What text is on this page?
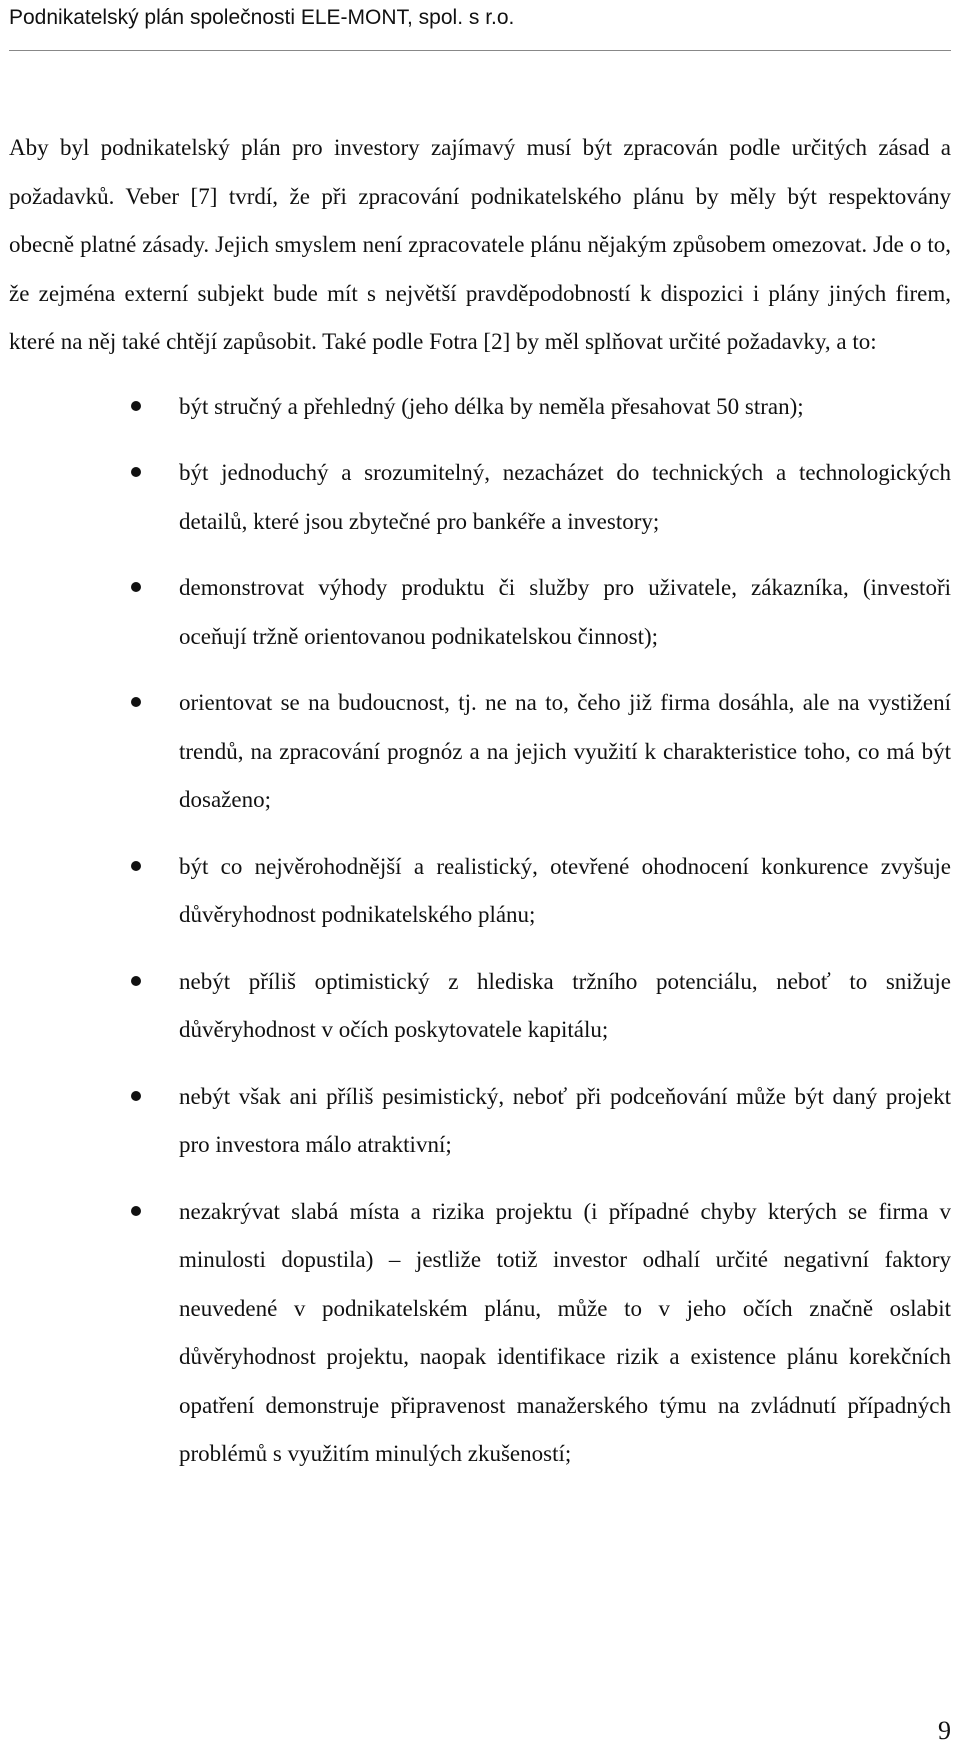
Podnikatelský plán společnosti ELE-MONT, spol. s r.o.

Aby byl podnikatelský plán pro investory zajímavý musí být zpracován podle určitých zásad a požadavků. Veber [7] tvrdí, že při zpracování podnikatelského plánu by měly být respektovány obecně platné zásady. Jejich smyslem není zpracovatele plánu nějakým způsobem omezovat. Jde o to, že zejména externí subjekt bude mít s největší pravděpodobností k dispozici i plány jiných firem, které na něj také chtějí zapůsobit. Také podle Fotra [2] by měl splňovat určité požadavky, a to:

být stručný a přehledný (jeho délka by neměla přesahovat 50 stran);
být jednoduchý a srozumitelný, nezacházet do technických a technologických detailů, které jsou zbytečné pro bankéře a investory;
demonstrovat výhody produktu či služby pro uživatele, zákazníka, (investoři oceňují tržně orientovanou podnikatelskou činnost);
orientovat se na budoucnost, tj. ne na to, čeho již firma dosáhla, ale na vystižení trendů, na zpracování prognóz a na jejich využití k charakteristice toho, co má být dosaženo;
být co nejvěrohodnější a realistický, otevřené ohodnocení konkurence zvyšuje důvěryhodnost podnikatelského plánu;
nebýt příliš optimistický z hlediska tržního potenciálu, neboť to snižuje důvěryhodnost v očích poskytovatele kapitálu;
nebýt však ani příliš pesimistický, neboť při podceňování může být daný projekt pro investora málo atraktivní;
nezakrývat slabá místa a rizika projektu (i případné chyby kterých se firma v minulosti dopustila) – jestliže totiž investor odhalí určité negativní faktory neuvedené v podnikatelském plánu, může to v jeho očích značně oslabit důvěryhodnost projektu, naopak identifikace rizik a existence plánu korekčních opatření demonstruje připravenost manažerského týmu na zvládnutí případných problémů s využitím minulých zkušeností;
9
